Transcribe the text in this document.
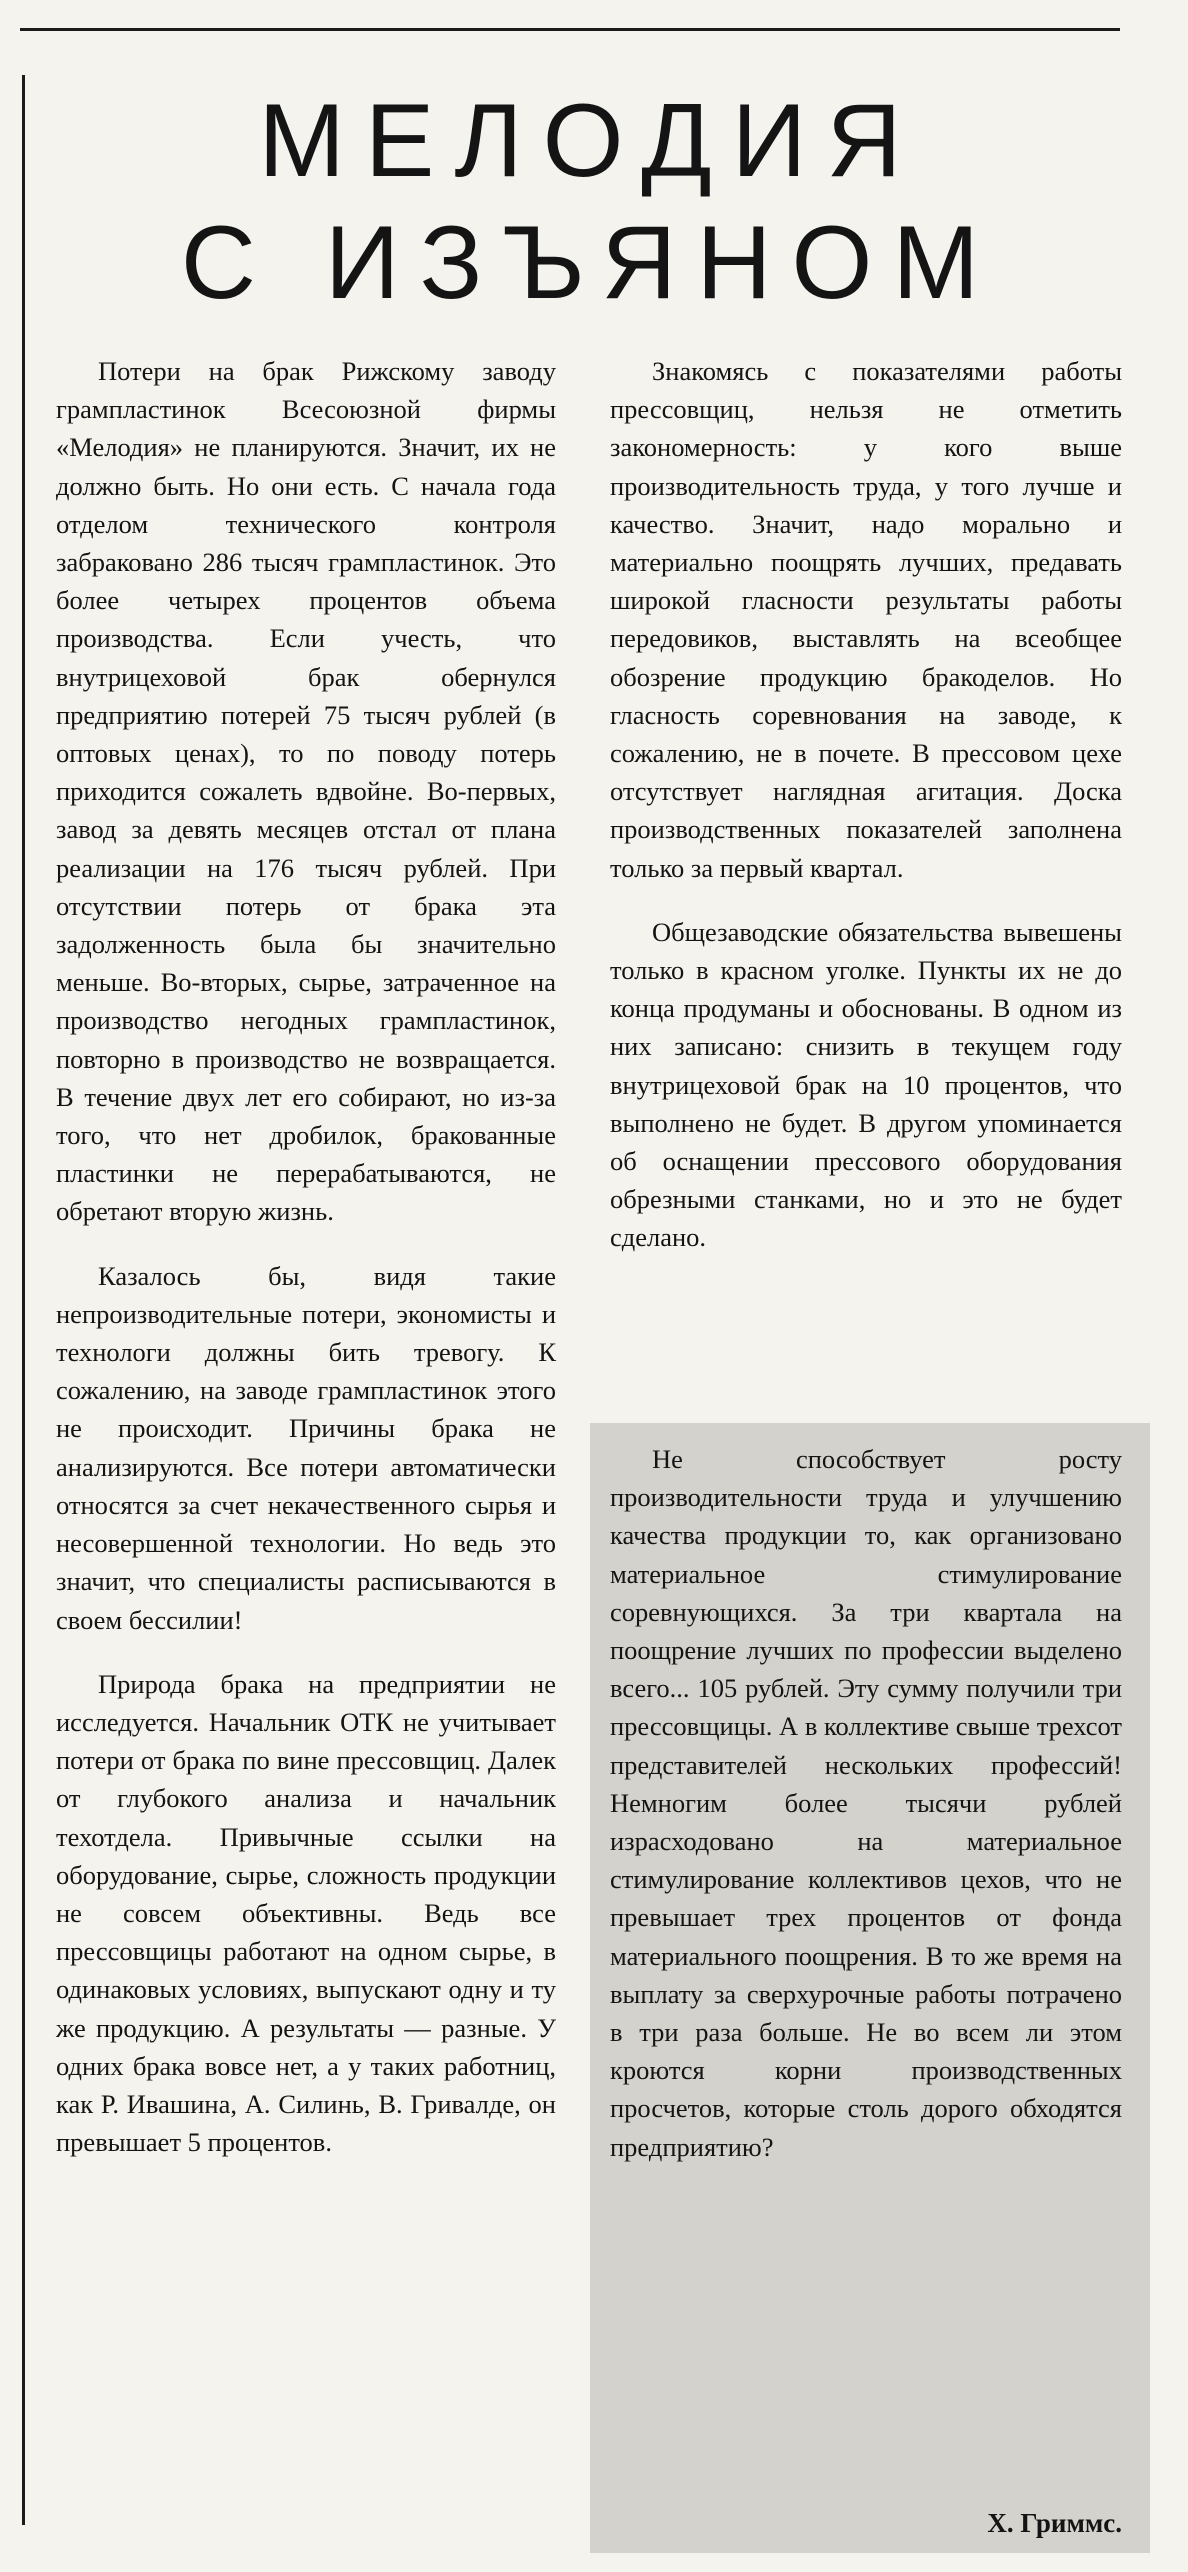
МЕЛОДИЯ
С ИЗЪЯНОМ

Потери на брак Рижскому заводу грампластинок Всесоюзной фирмы «Мелодия» не планируются. Значит, их не должно быть. Но они есть. С начала года отделом технического контроля забраковано 286 тысяч грампластинок. Это более четырех процентов объема производства. Если учесть, что внутрицеховой брак обернулся предприятию потерей 75 тысяч рублей (в оптовых ценах), то по поводу потерь приходится сожалеть вдвойне. Во-первых, завод за девять месяцев отстал от плана реализации на 176 тысяч рублей. При отсутствии потерь от брака эта задолженность была бы значительно меньше. Во-вторых, сырье, затраченное на производство негодных грампластинок, повторно в производство не возвращается. В течение двух лет его собирают, но из-за того, что нет дробилок, бракованные пластинки не перерабатываются, не обретают вторую жизнь.

Казалось бы, видя такие непроизводительные потери, экономисты и технологи должны бить тревогу. К сожалению, на заводе грампластинок этого не происходит. Причины брака не анализируются. Все потери автоматически относятся за счет некачественного сырья и несовершенной технологии. Но ведь это значит, что специалисты расписываются в своем бессилии!

Природа брака на предприятии не исследуется. Начальник ОТК не учитывает потери от брака по вине прессовщиц. Далек от глубокого анализа и начальник техотдела. Привычные ссылки на оборудование, сырье, сложность продукции не совсем объективны. Ведь все прессовщицы работают на одном сырье, в одинаковых условиях, выпускают одну и ту же продукцию. А результаты — разные. У одних брака вовсе нет, а у таких работниц, как Р. Ивашина, А. Силинь, В. Гривалде, он превышает 5 процентов.

Знакомясь с показателями работы прессовщиц, нельзя не отметить закономерность: у кого выше производительность труда, у того лучше и качество. Значит, надо морально и материально поощрять лучших, предавать широкой гласности результаты работы передовиков, выставлять на всеобщее обозрение продукцию бракоделов. Но гласность соревнования на заводе, к сожалению, не в почете. В прессовом цехе отсутствует наглядная агитация. Доска производственных показателей заполнена только за первый квартал.

Общезаводские обязательства вывешены только в красном уголке. Пункты их не до конца продуманы и обоснованы. В одном из них записано: снизить в текущем году внутрицеховой брак на 10 процентов, что выполнено не будет. В другом упоминается об оснащении прессового оборудования обрезными станками, но и это не будет сделано.

Не способствует росту производительности труда и улучшению качества продукции то, как организовано материальное стимулирование соревнующихся. За три квартала на поощрение лучших по профессии выделено всего... 105 рублей. Эту сумму получили три прессовщицы. А в коллективе свыше трехсот представителей нескольких профессий! Немногим более тысячи рублей израсходовано на материальное стимулирование коллективов цехов, что не превышает трех процентов от фонда материального поощрения. В то же время на выплату за сверхурочные работы потрачено в три раза больше. Не во всем ли этом кроются корни производственных просчетов, которые столь дорого обходятся предприятию?

Х. Гриммс.
